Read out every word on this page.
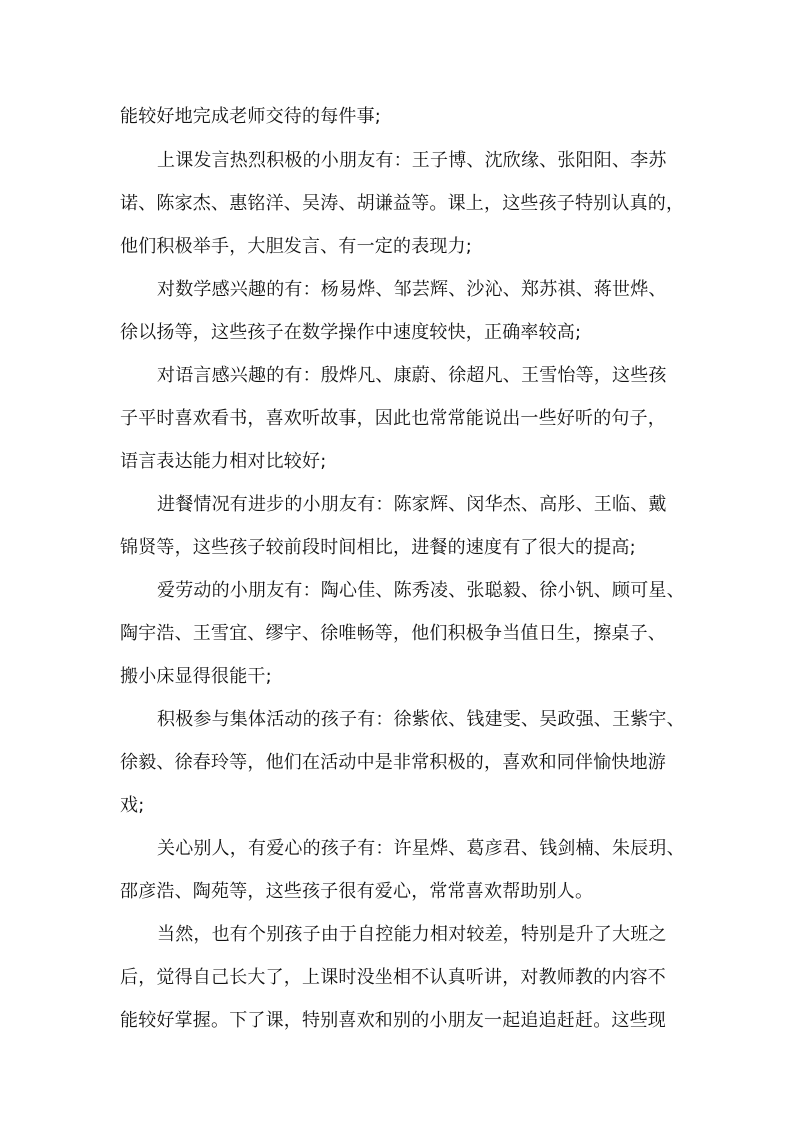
能较好地完成老师交待的每件事;
上课发言热烈积极的小朋友有：王子博、沈欣缘、张阳阳、李苏
诺、陈家杰、惠铭洋、吴涛、胡谦益等。课上，这些孩子特别认真的，
他们积极举手，大胆发言、有一定的表现力;
对数学感兴趣的有：杨易烨、邹芸辉、沙沁、郑苏祺、蒋世烨、
徐以扬等，这些孩子在数学操作中速度较快，正确率较高;
对语言感兴趣的有：殷烨凡、康蔚、徐超凡、王雪怡等，这些孩
子平时喜欢看书，喜欢听故事，因此也常常能说出一些好听的句子，
语言表达能力相对比较好;
进餐情况有进步的小朋友有：陈家辉、闵华杰、高彤、王临、戴
锦贤等，这些孩子较前段时间相比，进餐的速度有了很大的提高;
爱劳动的小朋友有：陶心佳、陈秀凌、张聪毅、徐小钒、顾可星、
陶宇浩、王雪宜、缪宇、徐唯畅等，他们积极争当值日生，擦桌子、
搬小床显得很能干;
积极参与集体活动的孩子有：徐紫依、钱建雯、吴政强、王紫宇、
徐毅、徐春玲等，他们在活动中是非常积极的，喜欢和同伴愉快地游
戏;
关心别人，有爱心的孩子有：许星烨、葛彦君、钱剑楠、朱辰玥、
邵彦浩、陶苑等，这些孩子很有爱心，常常喜欢帮助别人。
当然，也有个别孩子由于自控能力相对较差，特别是升了大班之
后，觉得自己长大了，上课时没坐相不认真听讲，对教师教的内容不
能较好掌握。下了课，特别喜欢和别的小朋友一起追追赶赶。这些现
